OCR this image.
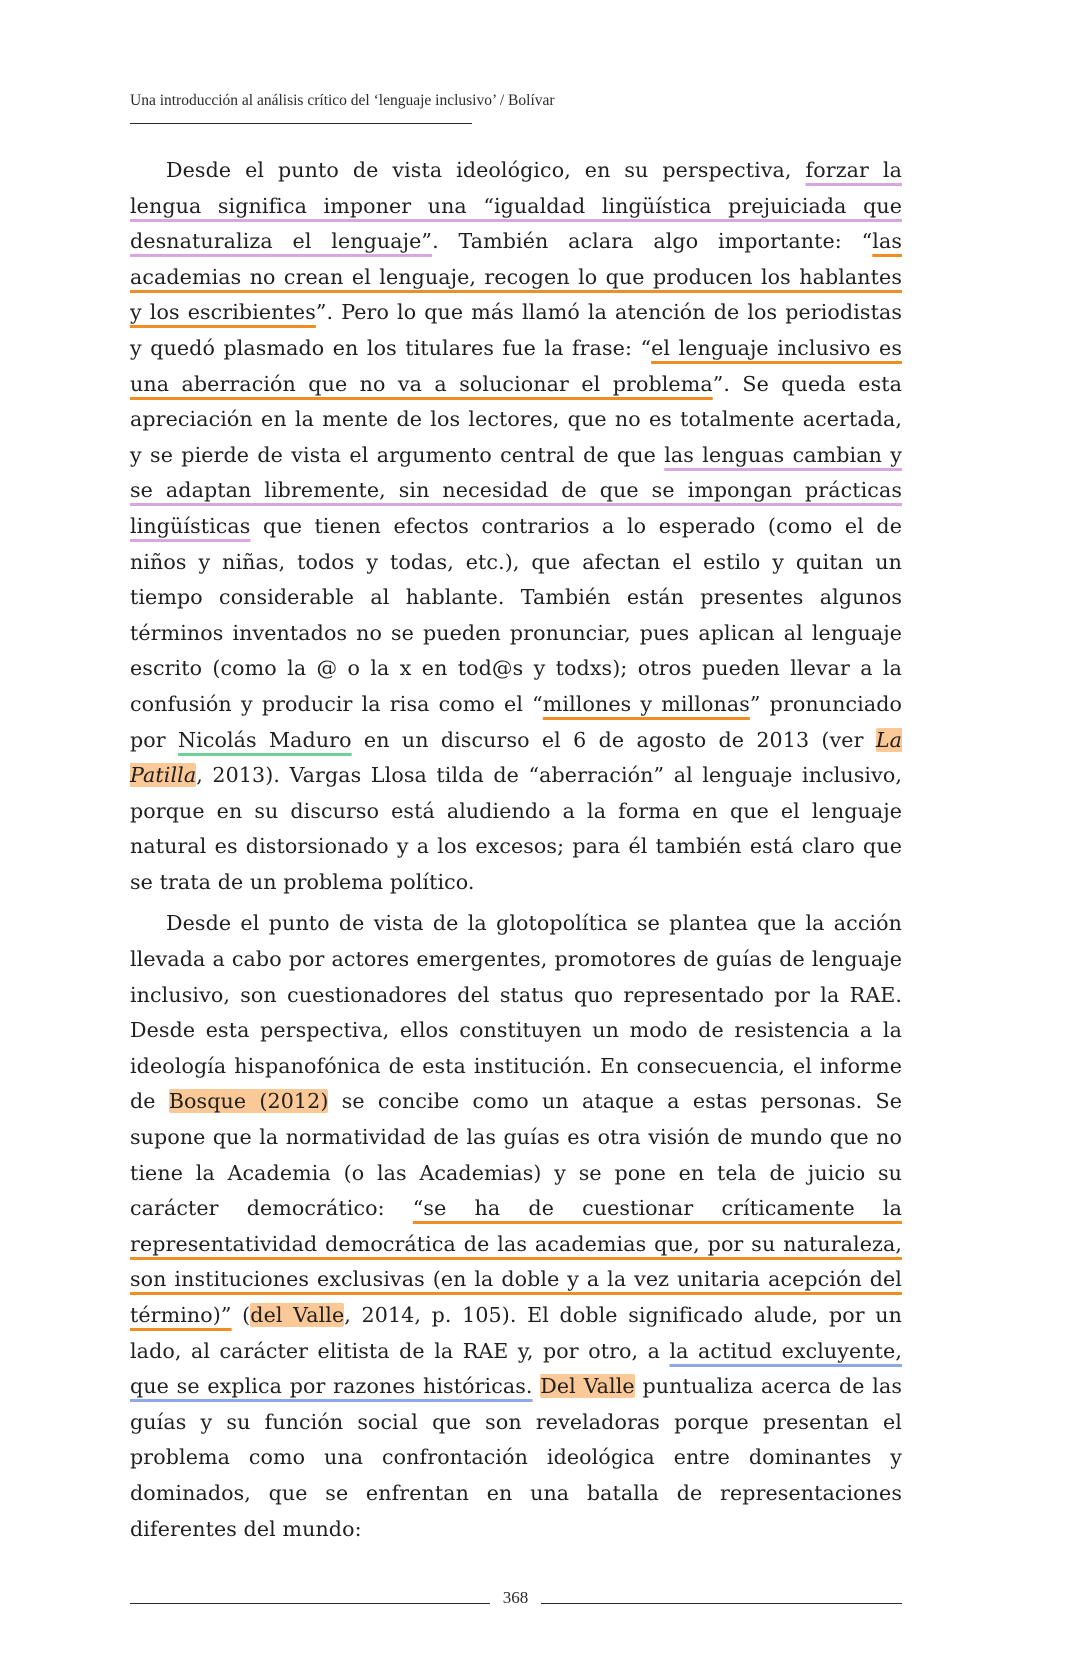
Una introducción al análisis crítico del ‘lenguaje inclusivo’ / Bolívar

Desde el punto de vista ideológico, en su perspectiva, forzar la lengua significa imponer una “igualdad lingüística prejuiciada que desnaturaliza el lenguaje”. También aclara algo importante: “las academias no crean el lenguaje, recogen lo que producen los hablantes y los escribientes”. Pero lo que más llamó la atención de los periodistas y quedó plasmado en los titulares fue la frase: “el lenguaje inclusivo es una aberración que no va a solucionar el problema”. Se queda esta apreciación en la mente de los lectores, que no es totalmente acertada, y se pierde de vista el argumento central de que las lenguas cambian y se adaptan libremente, sin necesidad de que se impongan prácticas lingüísticas que tienen efectos contrarios a lo esperado (como el de niños y niñas, todos y todas, etc.), que afectan el estilo y quitan un tiempo considerable al hablante. También están presentes algunos términos inventados no se pueden pronunciar, pues aplican al lenguaje escrito (como la @ o la x en tod@s y todxs); otros pueden llevar a la confusión y producir la risa como el “millones y millonas” pronunciado por Nicolás Maduro en un discurso el 6 de agosto de 2013 (ver La Patilla, 2013). Vargas Llosa tilda de “aberración” al lenguaje inclusivo, porque en su discurso está aludiendo a la forma en que el lenguaje natural es distorsionado y a los excesos; para él también está claro que se trata de un problema político.

Desde el punto de vista de la glotopolítica se plantea que la acción llevada a cabo por actores emergentes, promotores de guías de lenguaje inclusivo, son cuestionadores del status quo representado por la RAE. Desde esta perspectiva, ellos constituyen un modo de resistencia a la ideología hispanofónica de esta institución. En consecuencia, el informe de Bosque (2012) se concibe como un ataque a estas personas. Se supone que la normatividad de las guías es otra visión de mundo que no tiene la Academia (o las Academias) y se pone en tela de juicio su carácter democrático: “se ha de cuestionar críticamente la representatividad democrática de las academias que, por su naturaleza, son instituciones exclusivas (en la doble y a la vez unitaria acepción del término)” (del Valle, 2014, p. 105). El doble significado alude, por un lado, al carácter elitista de la RAE y, por otro, a la actitud excluyente, que se explica por razones históricas. Del Valle puntualiza acerca de las guías y su función social que son reveladoras porque presentan el problema como una confrontación ideológica entre dominantes y dominados, que se enfrentan en una batalla de representaciones diferentes del mundo:

368
